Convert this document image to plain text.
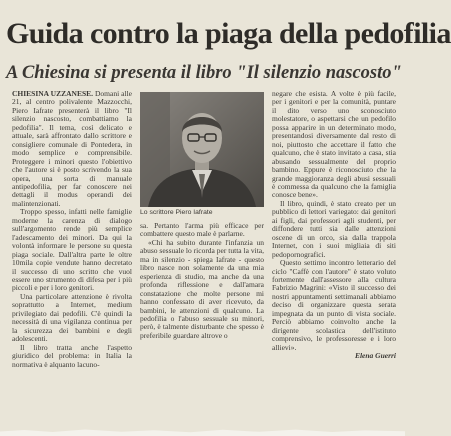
Guida contro la piaga della pedofilia
A Chiesina si presenta il libro "Il silenzio nascosto"

CHIESINA UZZANESE. Domani alle 21, al centro polivalente Mazzocchi, Piero Iafrate presenterà il libro "Il silenzio nascosto, combattiamo la pedofilia". Il tema, così delicato e attuale, sarà affrontato dallo scrittore e consigliere comunale di Pontedera, in modo semplice e comprensibile. Proteggere i minori questo l'obiettivo che l'autore si è posto scrivendo la sua opera, una sorta di manuale antipedofilia, per far conoscere nei dettagli il modus operandi dei malintenzionati.

Troppo spesso, infatti nelle famiglie moderne la carenza di dialogo sull'argomento rende più semplice l'adescamento dei minori. Da qui la volontà informare le persone su questa piaga sociale. Dall'altra parte le oltre 10mila copie vendute hanno decretato il successo di uno scritto che vuol essere uno strumento di difesa per i più piccoli e per i loro genitori.

Una particolare attenzione è rivolta soprattutto a Internet, medium privilegiato dai pedofili. C'è quindi la necessità di una vigilanza continua per la sicurezza dei bambini e degli adolescenti.

Il libro tratta anche l'aspetto giuridico del problema: in Italia la normativa è alquanto lacuno-

Lo scrittore Piero Iafrate

sa. Pertanto l'arma più efficace per combattere questo male è parlarne.

«Chi ha subito durante l'infanzia un abuso sessuale lo ricorda per tutta la vita, ma in silenzio - spiega Iafrate - questo libro nasce non solamente da una mia esperienza di studio, ma anche da una profonda riflessione e dall'amara constatazione che molte persone mi hanno confessato di aver ricevuto, da bambini, le attenzioni di qualcuno. La pedofilia o l'abuso sessuale su minori, però, è talmente disturbante che spesso è preferibile guardare altrove o

negare che esista. A volte è più facile, per i genitori e per la comunità, puntare il dito verso uno sconosciuto molestatore, o aspettarsi che un pedofilo possa apparire in un determinato modo, presentandosi diversamente dal resto di noi, piuttosto che accettare il fatto che qualcuno, che è stato invitato a casa, stia abusando sessualmente del proprio bambino. Eppure è riconosciuto che la grande maggioranza degli abusi sessuali è commessa da qualcuno che la famiglia conosce bene».

Il libro, quindi, è stato creato per un pubblico di lettori variegato: dai genitori ai figli, dai professori agli studenti, per diffondere tutti sia dalle attenzioni oscene di un orco, sia dalla trappola Internet, con i suoi migliaia di siti pedopornografici.

Questo settimo incontro letterario del ciclo "Caffè con l'autore" è stato voluto fortemente dall'assessore alla cultura Fabrizio Magrini: «Visto il successo dei nostri appuntamenti settimanali abbiamo deciso di organizzare questa serata impegnata da un punto di vista sociale. Perciò abbiamo coinvolto anche la dirigente scolastica dell'istituto comprensivo, le professoresse e i loro allievi».

Elena Guerri
